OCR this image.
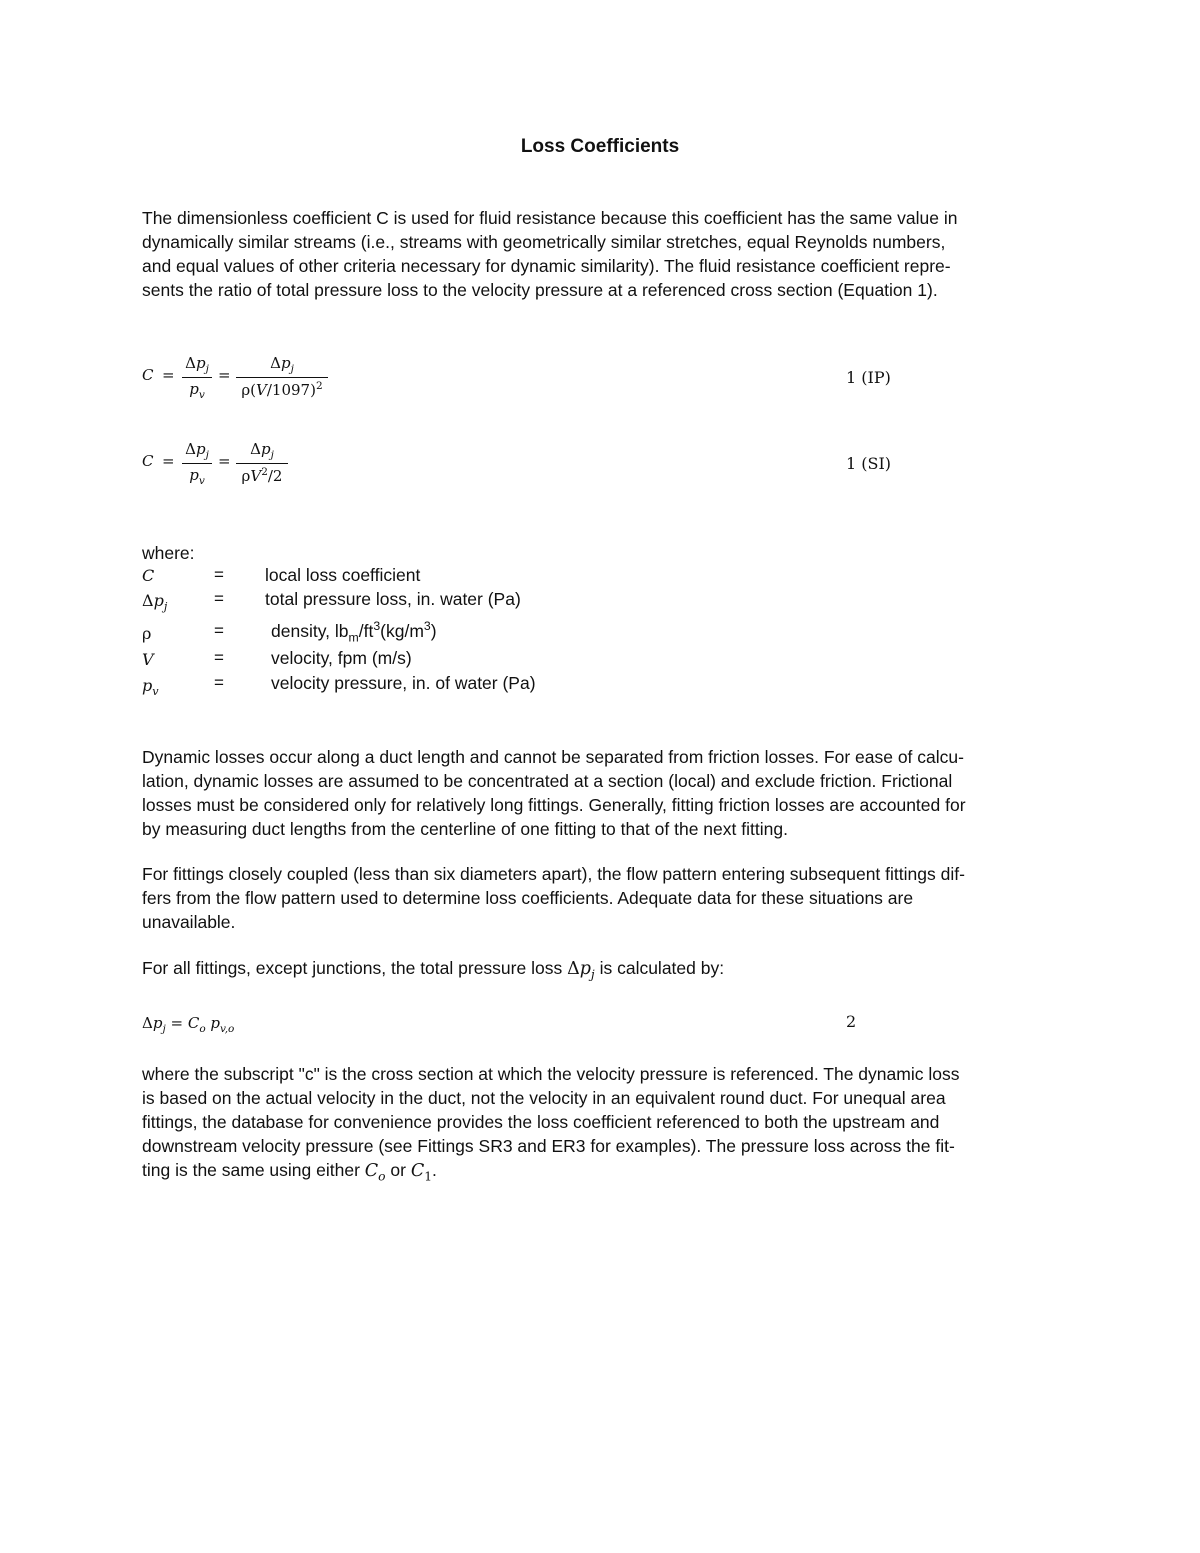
Loss Coefficients
The dimensionless coefficient C is used for fluid resistance because this coefficient has the same value in
dynamically similar streams (i.e., streams with geometrically similar stretches, equal Reynolds numbers,
and equal values of other criteria necessary for dynamic similarity). The fluid resistance coefficient repre-
sents the ratio of total pressure loss to the velocity pressure at a referenced cross section (Equation 1).
C =
$\Delta p_j$
$p_v$
=
$\Delta p_j$
$\rho(V/1097)^2$	1 (IP)
C =
$\Delta p_j$
$p_v$
=
$\Delta p_j$
$\rho V^2/2$
1 (SI)
where:
C	= local loss coefficient
$\Delta p_j$	= total pressure loss, in. water (Pa)
ρ	=	density, $lb_m/ft^3(kg/m^3)$
V	=	velocity, fpm (m/s)
$p_v$	=	velocity pressure, in. of water (Pa)
Dynamic losses occur along a duct length and cannot be separated from friction losses. For ease of calcu-
lation, dynamic losses are assumed to be concentrated at a section (local) and exclude friction. Frictional
losses must be considered only for relatively long fittings. Generally, fitting friction losses are accounted for
by measuring duct lengths from the centerline of one fitting to that of the next fitting.
For fittings closely coupled (less than six diameters apart), the flow pattern entering subsequent fittings dif-
fers from the flow pattern used to determine loss coefficients. Adequate data for these situations are
unavailable.
For all fittings, except junctions, the total pressure loss $\Delta p_j$ is calculated by:
$\Delta p_j = C_o$ $p_{v,o}$	2
where the subscript "c" is the cross section at which the velocity pressure is referenced. The dynamic loss
is based on the actual velocity in the duct, not the velocity in an equivalent round duct. For unequal area
fittings, the database for convenience provides the loss coefficient referenced to both the upstream and
downstream velocity pressure (see Fittings SR3 and ER3 for examples). The pressure loss across the fit-
ting is the same using either $C_o$ or $C_1$.
